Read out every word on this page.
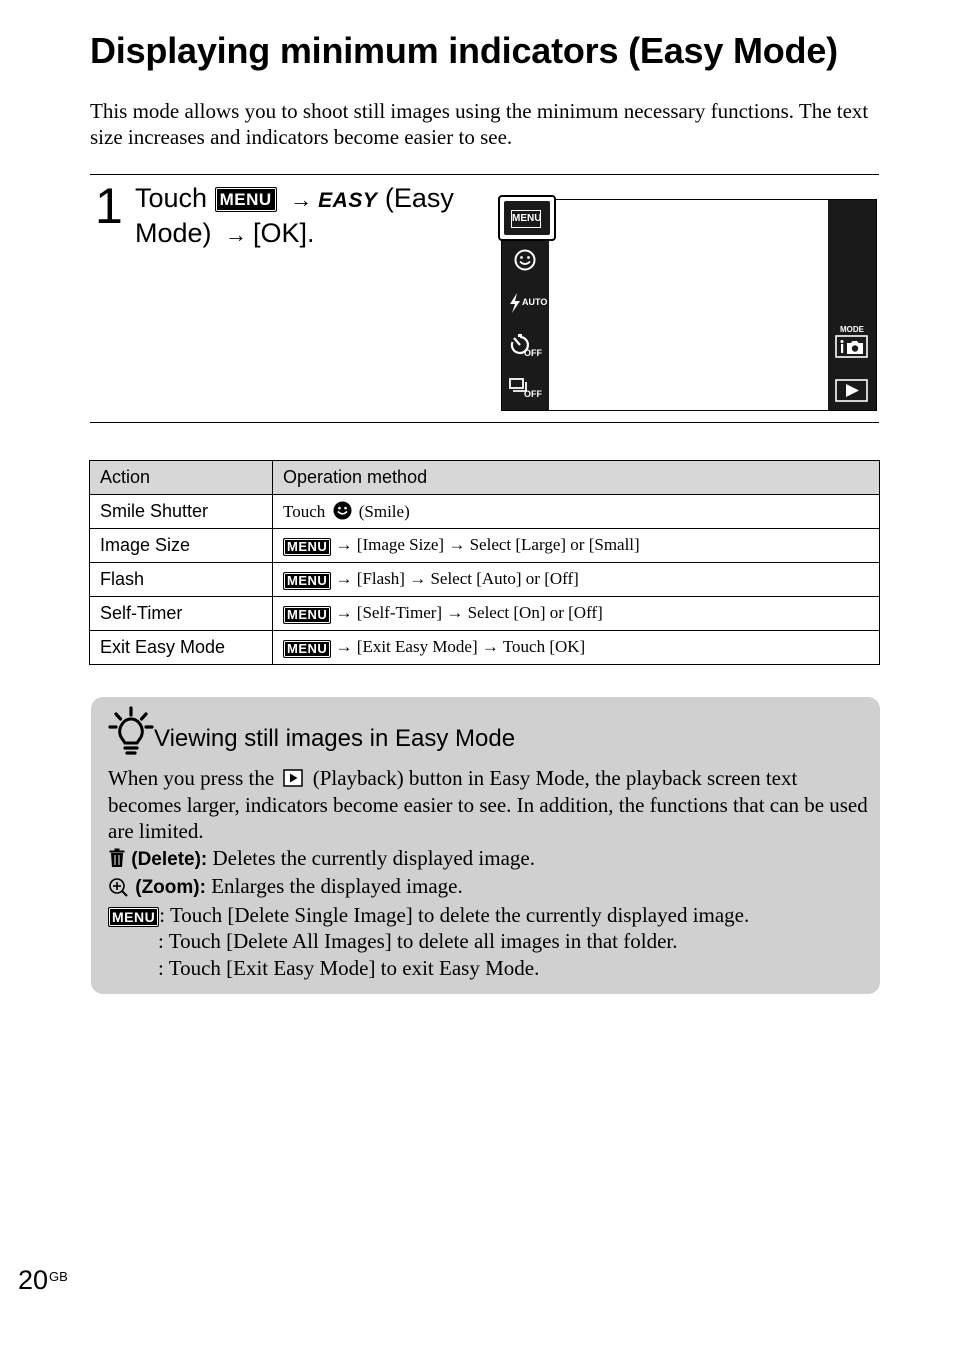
Displaying minimum indicators (Easy Mode)

This mode allows you to shoot still images using the minimum necessary functions. The text size increases and indicators become easier to see.

1 Touch MENU → EASY (Easy Mode) → [OK].
AUTO
OFF
OFF
MENU
MODE
Action	Operation method
Smile Shutter	Touch (Smile)
Image Size	MENU → [Image Size] → Select [Large] or [Small]
Flash	MENU → [Flash] → Select [Auto] or [Off]
Self-Timer	MENU → [Self-Timer] → Select [On] or [Off]
Exit Easy Mode	MENU → [Exit Easy Mode] → Touch [OK]
Viewing still images in Easy Mode

When you press the (Playback) button in Easy Mode, the playback screen text becomes larger, indicators become easier to see. In addition, the functions that can be used are limited.

(Delete): Deletes the currently displayed image.

(Zoom): Enlarges the displayed image.

MENU : Touch [Delete Single Image] to delete the currently displayed image.

: Touch [Delete All Images] to delete all images in that folder.

: Touch [Exit Easy Mode] to exit Easy Mode.

$20^{GB}$
